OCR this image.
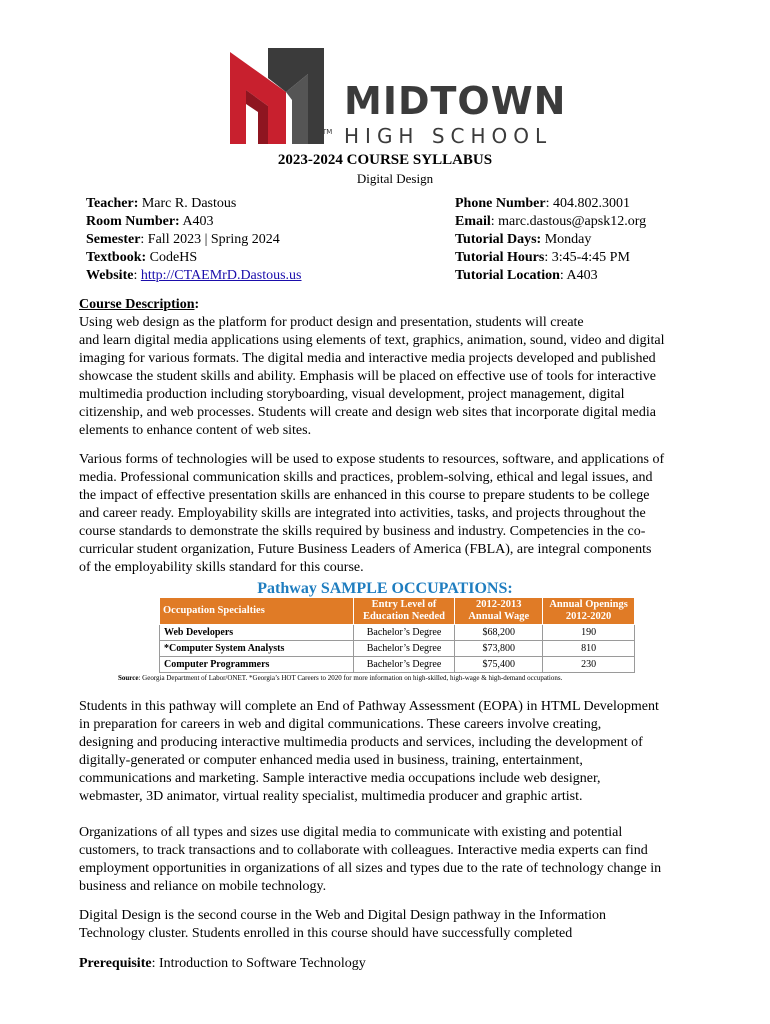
MIDTOWN
TM HIGH SCHOOL
2023-2024 COURSE SYLLABUS
Digital Design
Teacher: Marc R. Dastous
Room Number: A403
Semester: Fall 2023 | Spring 2024
Textbook: CodeHS
Website: http://CTAEMrD.Dastous.us
Phone Number: 404.802.3001
Email: marc.dastous@apsk12.org
Tutorial Days: Monday
Tutorial Hours: 3:45-4:45 PM
Tutorial Location: A403
Course Description:
Using web design as the platform for product design and presentation, students will create
and learn digital media applications using elements of text, graphics, animation, sound, video and digital
imaging for various formats. The digital media and interactive media projects developed and published
showcase the student skills and ability. Emphasis will be placed on effective use of tools for interactive
multimedia production including storyboarding, visual development, project management, digital
citizenship, and web processes. Students will create and design web sites that incorporate digital media
elements to enhance content of web sites.
Various forms of technologies will be used to expose students to resources, software, and applications of
media. Professional communication skills and practices, problem-solving, ethical and legal issues, and
the impact of effective presentation skills are enhanced in this course to prepare students to be college
and career ready. Employability skills are integrated into activities, tasks, and projects throughout the
course standards to demonstrate the skills required by business and industry. Competencies in the co-
curricular student organization, Future Business Leaders of America (FBLA), are integral components
of the employability skills standard for this course.
Pathway SAMPLE OCCUPATIONS:
Occupation Specialties	Entry Level of Education Needed	2012-2013 Annual Wage	Annual Openings 2012-2020
Web Developers	Bachelor’s Degree	$68,200	190
*Computer System Analysts	Bachelor’s Degree	$73,800	810
Computer Programmers	Bachelor’s Degree	$75,400	230
Source: Georgia Department of Labor/ONET. *Georgia’s HOT Careers to 2020 for more information on high-skilled, high-wage & high-demand occupations.
Students in this pathway will complete an End of Pathway Assessment (EOPA) in HTML Development
in preparation for careers in web and digital communications. These careers involve creating,
designing and producing interactive multimedia products and services, including the development of
digitally-generated or computer enhanced media used in business, training, entertainment,
communications and marketing. Sample interactive media occupations include web designer,
webmaster, 3D animator, virtual reality specialist, multimedia producer and graphic artist.
Organizations of all types and sizes use digital media to communicate with existing and potential
customers, to track transactions and to collaborate with colleagues. Interactive media experts can find
employment opportunities in organizations of all sizes and types due to the rate of technology change in
business and reliance on mobile technology.
Digital Design is the second course in the Web and Digital Design pathway in the Information
Technology cluster. Students enrolled in this course should have successfully completed
Prerequisite: Introduction to Software Technology
